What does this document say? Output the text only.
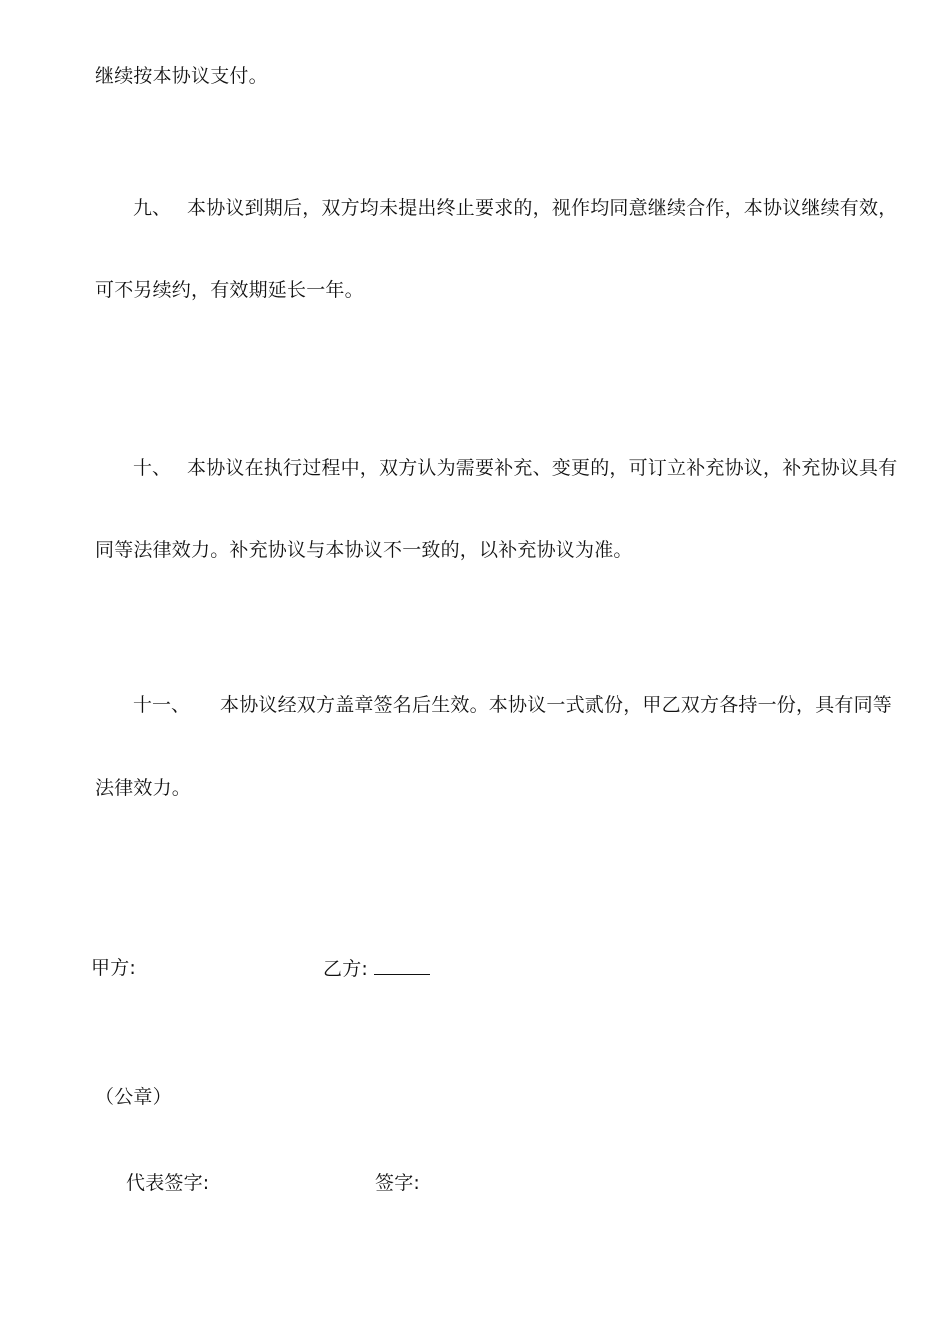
继续按本协议支付。
九、 本协议到期后，双方均未提出终止要求的，视作均同意继续合作，本协议继续有效，
可不另续约，有效期延长一年。
十、 本协议在执行过程中，双方认为需要补充、变更的，可订立补充协议，补充协议具有
同等法律效力。补充协议与本协议不一致的，以补充协议为准。
十一、 本协议经双方盖章签名后生效。本协议一式贰份，甲乙双方各持一份，具有同等
法律效力。
甲方:	乙方:
（公章）
代表签字:	签字:
